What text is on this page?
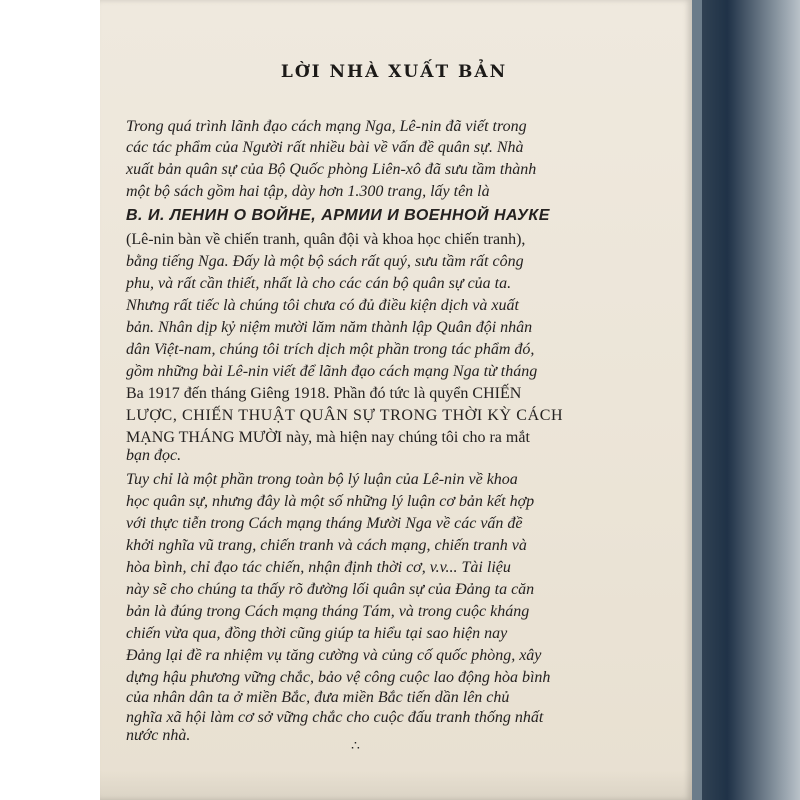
LỜI NHÀ XUẤT BẢN
Trong quá trình lãnh đạo cách mạng Nga, Lê-nin đã viết trong
các tác phẩm của Người rất nhiều bài về vấn đề quân sự. Nhà
xuất bản quân sự của Bộ Quốc phòng Liên-xô đã sưu tầm thành
một bộ sách gồm hai tập, dày hơn 1.300 trang, lấy tên là
В. И. ЛЕНИН О ВОЙНЕ, АРМИИ И ВОЕННОЙ НАУКЕ
(Lê-nin bàn về chiến tranh, quân đội và khoa học chiến tranh),
bằng tiếng Nga. Đấy là một bộ sách rất quý, sưu tầm rất công
phu, và rất cần thiết, nhất là cho các cán bộ quân sự của ta.
Nhưng rất tiếc là chúng tôi chưa có đủ điều kiện dịch và xuất
bản. Nhân dịp kỷ niệm mười lăm năm thành lập Quân đội nhân
dân Việt-nam, chúng tôi trích dịch một phần trong tác phẩm đó,
gồm những bài Lê-nin viết để lãnh đạo cách mạng Nga từ tháng
Ba 1917 đến tháng Giêng 1918. Phần đó tức là quyển CHIẾN
LƯỢC, CHIẾN THUẬT QUÂN SỰ TRONG THỜI KỲ CÁCH
MẠNG THÁNG MƯỜI này, mà hiện nay chúng tôi cho ra mắt
bạn đọc.
Tuy chỉ là một phần trong toàn bộ lý luận của Lê-nin về khoa
học quân sự, nhưng đây là một số những lý luận cơ bản kết hợp
với thực tiễn trong Cách mạng tháng Mười Nga về các vấn đề
khởi nghĩa vũ trang, chiến tranh và cách mạng, chiến tranh và
hòa bình, chỉ đạo tác chiến, nhận định thời cơ, v.v... Tài liệu
này sẽ cho chúng ta thấy rõ đường lối quân sự của Đảng ta căn
bản là đúng trong Cách mạng tháng Tám, và trong cuộc kháng
chiến vừa qua, đồng thời cũng giúp ta hiểu tại sao hiện nay
Đảng lại đề ra nhiệm vụ tăng cường và củng cố quốc phòng, xây
dựng hậu phương vững chắc, bảo vệ công cuộc lao động hòa bình
của nhân dân ta ở miền Bắc, đưa miền Bắc tiến dần lên chủ
nghĩa xã hội làm cơ sở vững chắc cho cuộc đấu tranh thống nhất
nước nhà.
∴
